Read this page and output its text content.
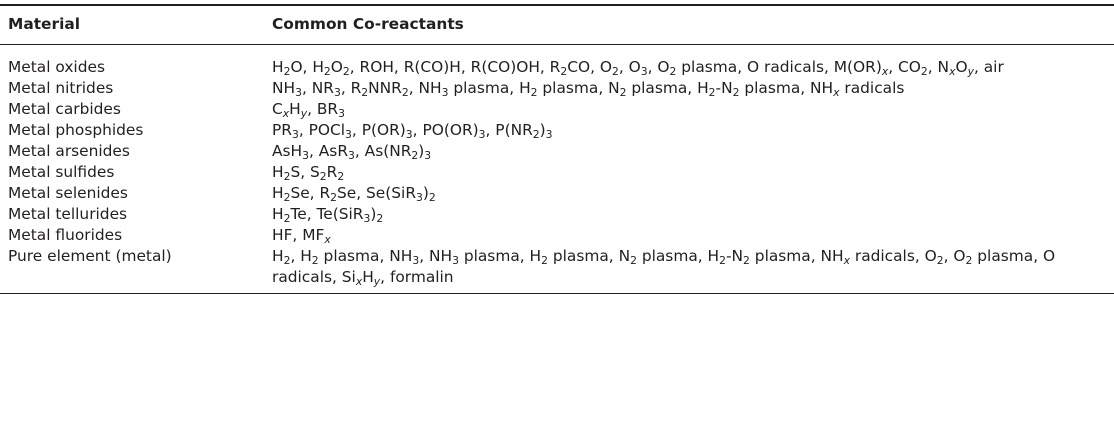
Material	Common Co-reactants
Metal oxides	$H_2O$, $H_2O_2$, ROH, R(CO)H, R(CO)OH, $R_2CO$, $O_2$, $O_3$, $O_2$ plasma, O radicals, $M(OR)_x$, $CO_2$, $N_xO_y$, air
Metal nitrides	$NH_3$, $NR_3$, $R_2NNR_2$, $NH_3$ plasma, $H_2$ plasma, $N_2$ plasma, $H_2-N_2$ plasma, $NH_x$ radicals
Metal carbides	$C_xH_y$, $BR_3$
Metal phosphides	$PR_3$, POCl$_3$, $P(OR)_3$, $PO(OR)_3$, $P(NR_2)_3$
Metal arsenides	AsH$_3$, AsR$_3$, $As(NR_2)_3$
Metal sulfides	$H_2S$, $S_2R_2$
Metal selenides	$H_2Se$, $R_2Se$, $Se(SiR_3)_2$
Metal tellurides	$H_2Te$, $Te(SiR_3)_2$
Metal fluorides	HF, $MF_x$
Pure element (metal)	$H_2$, $H_2$ plasma, $NH_3$, $NH_3$ plasma, $H_2$ plasma, $N_2$ plasma, $H_2-N_2$ plasma, $NH_x$ radicals, $O_2$, $O_2$ plasma, O radicals, $Si_xH_y$, formalin
